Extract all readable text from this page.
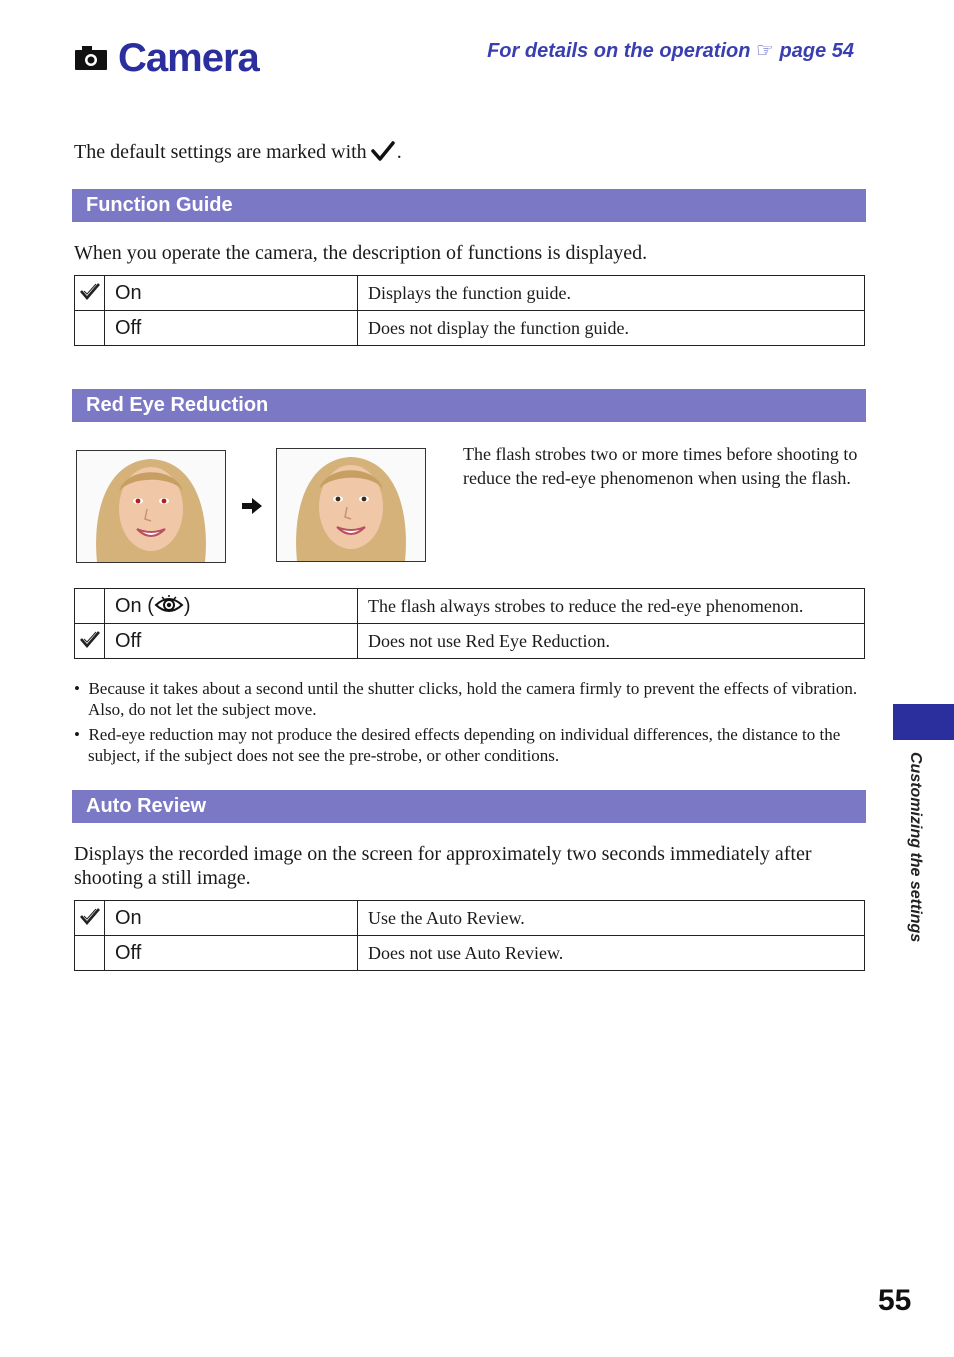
Camera	For details on the operation ☞ page 54
The default settings are marked with .
Function Guide
When you operate the camera, the description of functions is displayed.
	On	Displays the function guide.
	Off	Does not display the function guide.
Red Eye Reduction
The flash strobes two or more times before shooting to reduce the red-eye phenomenon when using the flash.
	On ( )	The flash always strobes to reduce the red-eye phenomenon.
	Off	Does not use Red Eye Reduction.
•  Because it takes about a second until the shutter clicks, hold the camera firmly to prevent the effects of vibration. Also, do not let the subject move.
•  Red-eye reduction may not produce the desired effects depending on individual differences, the distance to the subject, if the subject does not see the pre-strobe, or other conditions.
Auto Review
Displays the recorded image on the screen for approximately two seconds immediately after shooting a still image.
	On	Use the Auto Review.
	Off	Does not use Auto Review.
Customizing the settings
55
